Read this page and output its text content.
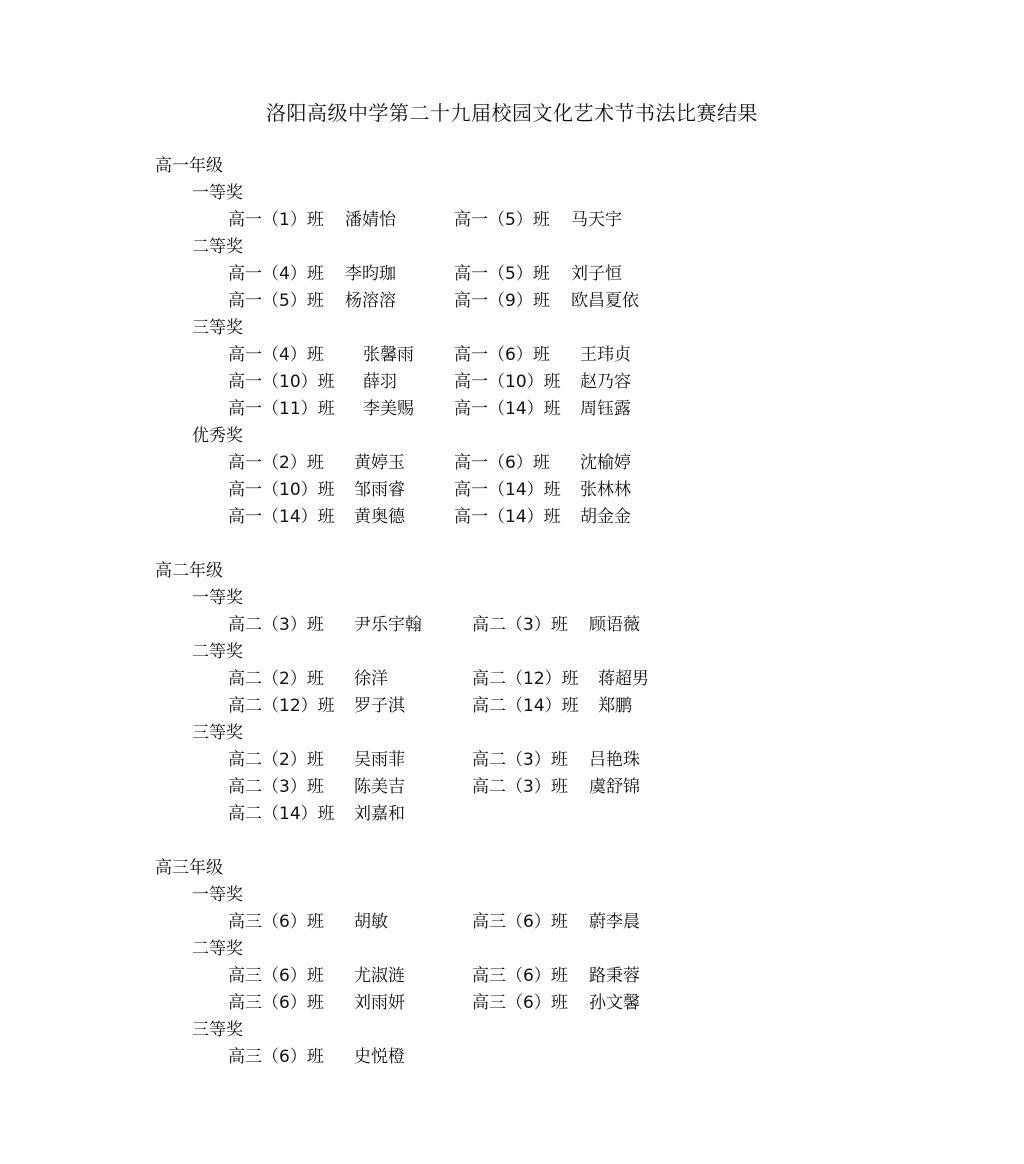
洛阳高级中学第二十九届校园文化艺术节书法比赛结果
高一年级
一等奖
高一（1）班 潘婧怡	高一（5）班 马天宇
二等奖
高一（4）班 李昀珈	高一（5）班 刘子恒
高一（5）班 杨溶溶	高一（9）班 欧昌夏依
三等奖
高一（4）班 张馨雨 高一（6）班 王玮贞
高一（10）班 薛羽	高一（10）班 赵乃容
高一（11）班 李美赐 高一（14）班 周钰露
优秀奖
高一（2）班 黄婷玉	高一（6）班 沈榆婷
高一（10）班 邹雨睿	高一（14）班 张林林
高一（14）班 黄奥德	高一（14）班 胡金金
高二年级
一等奖
高二（3）班 尹乐宇翰	高二（3）班 顾语薇
二等奖
高二（2）班 徐洋	高二（12）班 蒋超男
高二（12）班 罗子淇	高二（14）班 郑鹏
三等奖
高二（2）班 吴雨菲	高二（3）班 吕艳珠
高二（3）班 陈美吉	高二（3）班 虞舒锦
高二（14）班 刘嘉和
高三年级
一等奖
高三（6）班 胡敏	高三（6）班 蔚李晨
二等奖
高三（6）班 尤淑涟	高三（6）班 路秉蓉
高三（6）班 刘雨妍	高三（6）班 孙文馨
三等奖
高三（6）班 史悦橙
